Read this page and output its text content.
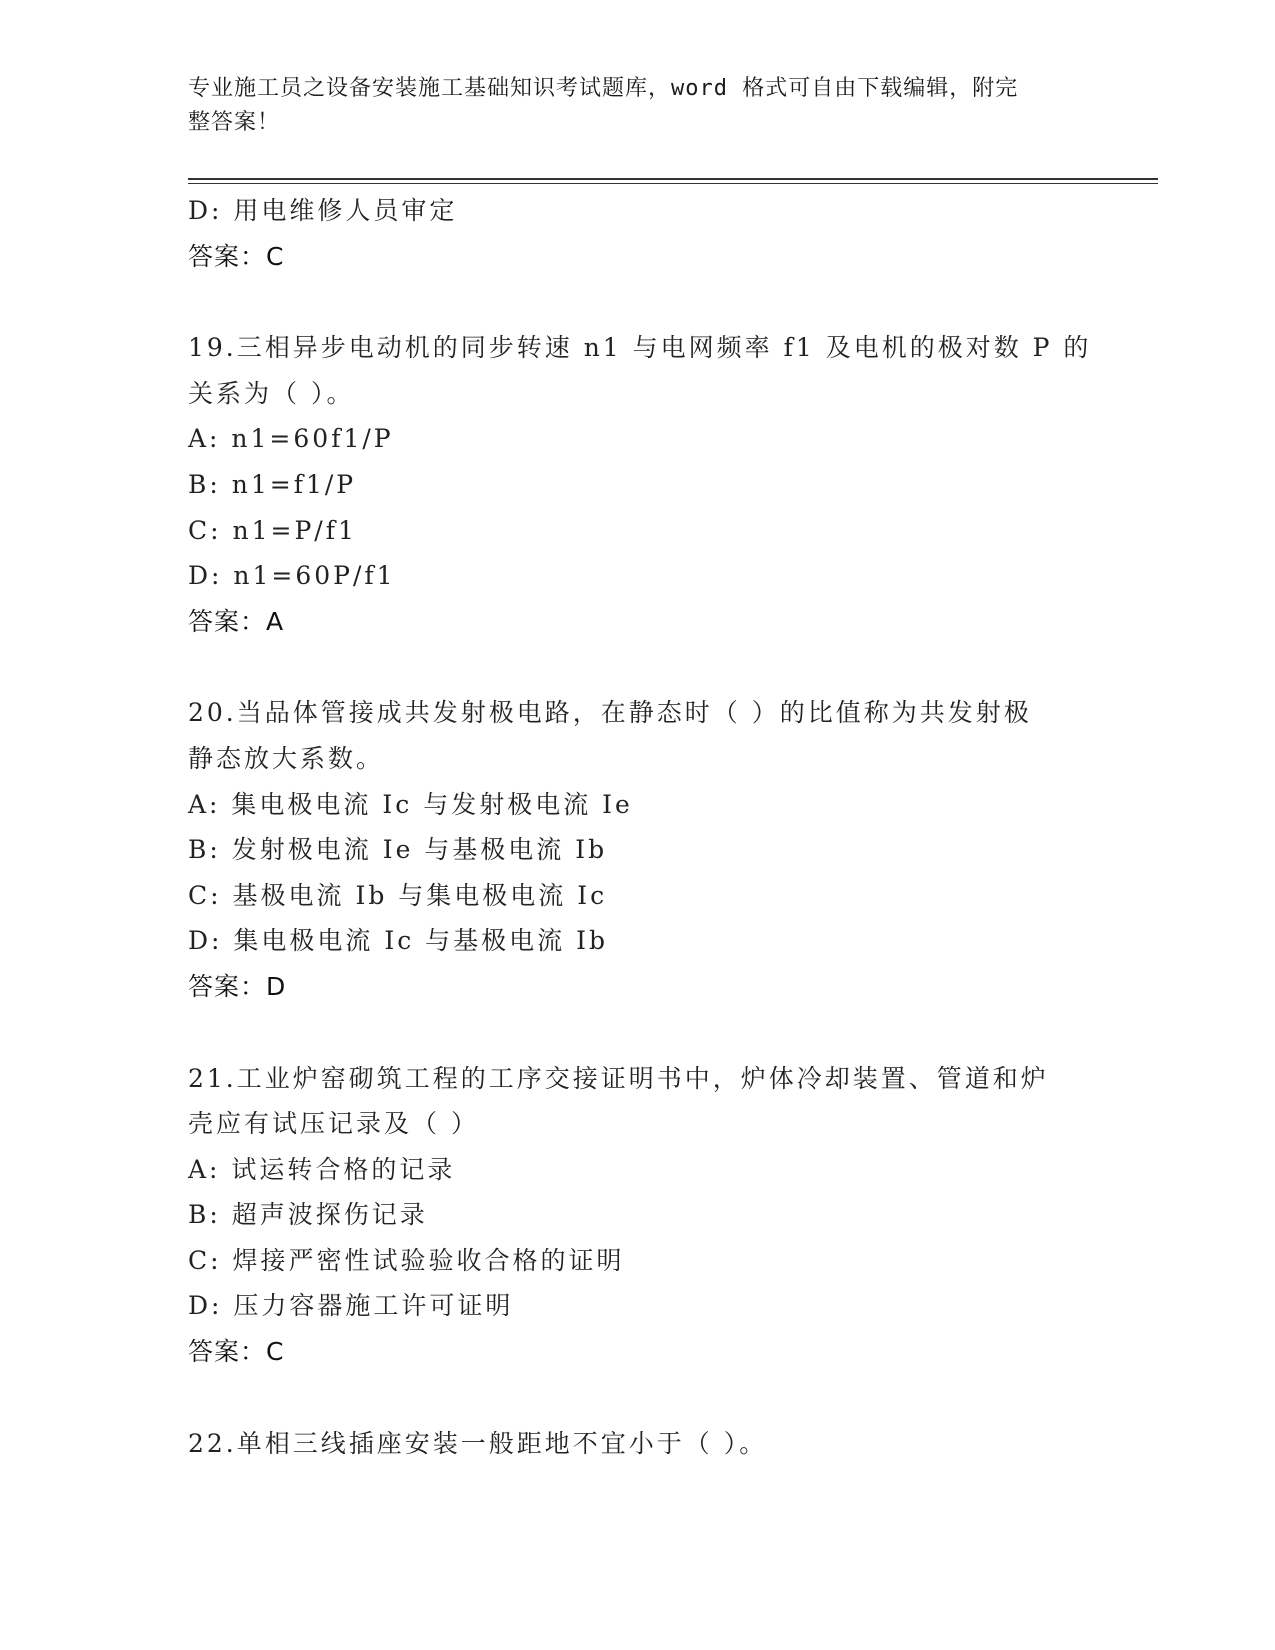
专业施工员之设备安装施工基础知识考试题库，word 格式可自由下载编辑，附完
整答案！

D: 用电维修人员审定

答案：C

19.三相异步电动机的同步转速 n1 与电网频率 f1 及电机的极对数 P 的

关系为（ ）。

A: n1=60f1/P

B: n1=f1/P

C: n1=P/f1

D: n1=60P/f1

答案：A

20.当品体管接成共发射极电路，在静态时（ ）的比值称为共发射极

静态放大系数。

A: 集电极电流 Ic 与发射极电流 Ie

B: 发射极电流 Ie 与基极电流 Ib

C: 基极电流 Ib 与集电极电流 Ic

D: 集电极电流 Ic 与基极电流 Ib

答案：D

21.工业炉窑砌筑工程的工序交接证明书中，炉体冷却装置、管道和炉

壳应有试压记录及（ ）

A: 试运转合格的记录

B: 超声波探伤记录

C: 焊接严密性试验验收合格的证明

D: 压力容器施工许可证明

答案：C

22.单相三线插座安装一般距地不宜小于（ ）。
